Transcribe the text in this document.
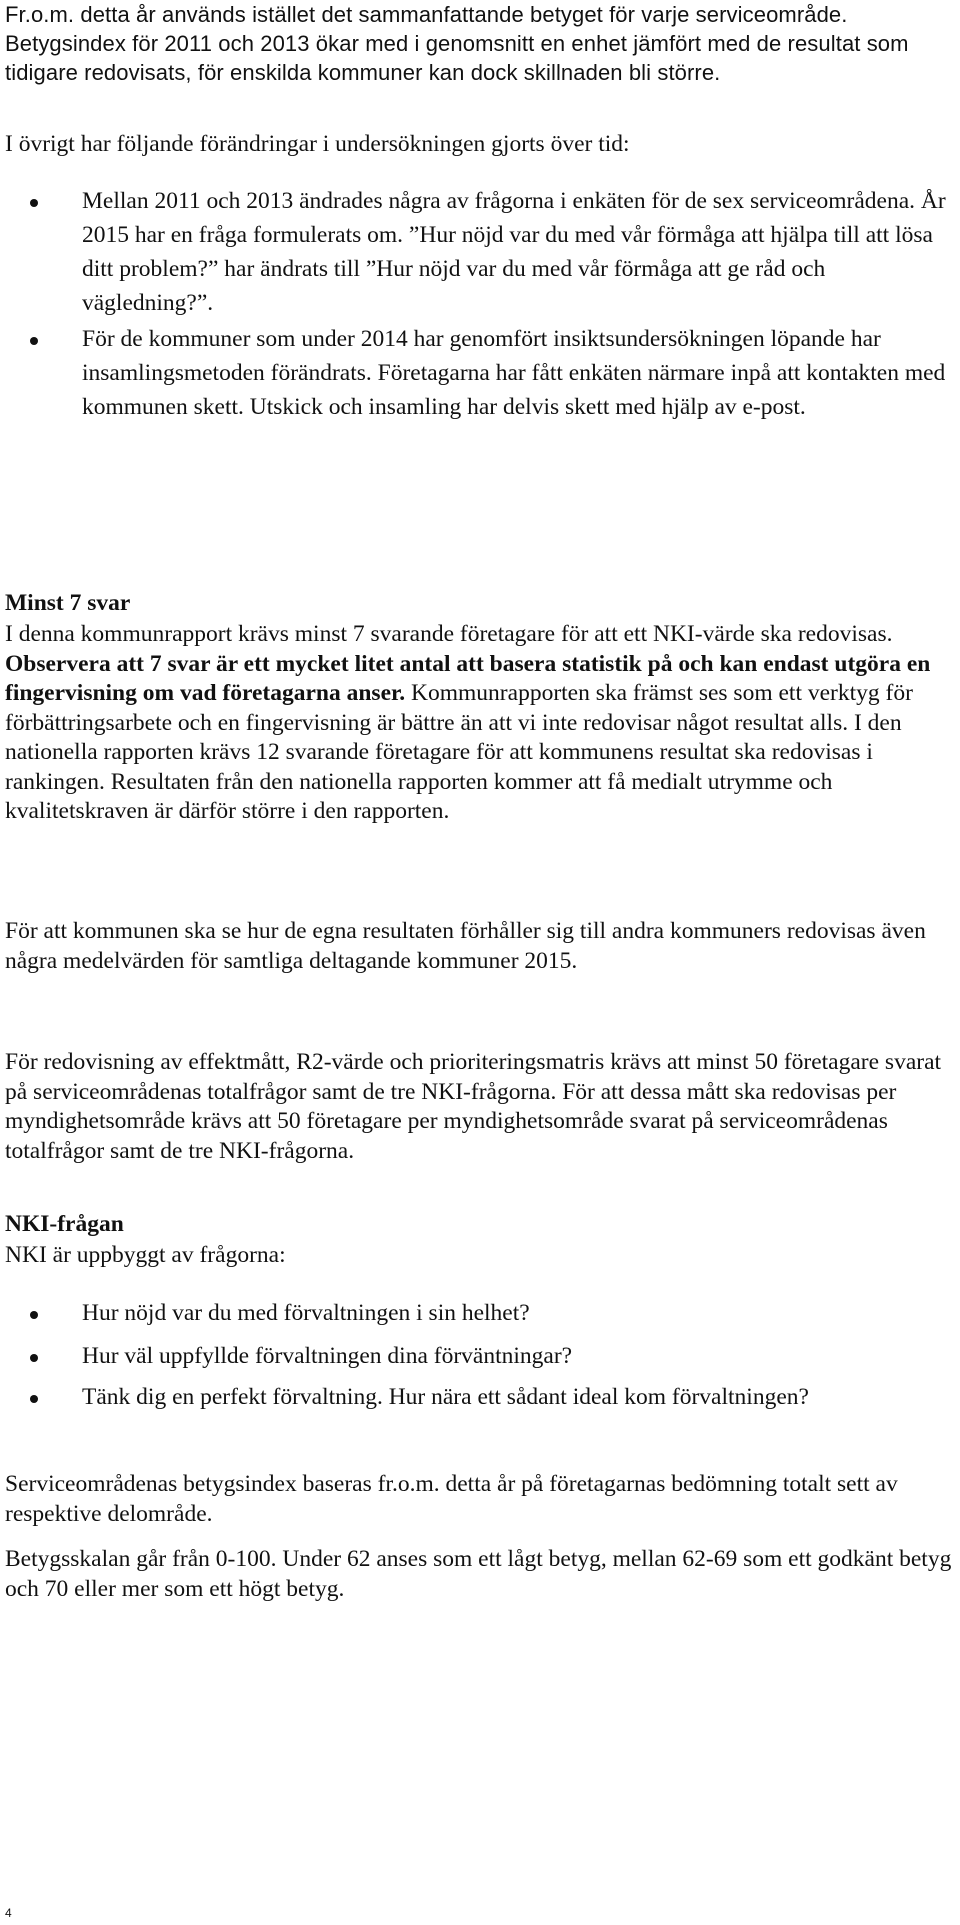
Fr.o.m. detta år används istället det sammanfattande betyget för varje serviceområde. Betygsindex för 2011 och 2013 ökar med i genomsnitt en enhet jämfört med de resultat som tidigare redovisats, för enskilda kommuner kan dock skillnaden bli större.

I övrigt har följande förändringar i undersökningen gjorts över tid:

Mellan 2011 och 2013 ändrades några av frågorna i enkäten för de sex serviceområdena. År 2015 har en fråga formulerats om. ”Hur nöjd var du med vår förmåga att hjälpa till att lösa ditt problem?” har ändrats till ”Hur nöjd var du med vår förmåga att ge råd och vägledning?”.
För de kommuner som under 2014 har genomfört insiktsundersökningen löpande har insamlingsmetoden förändrats. Företagarna har fått enkäten närmare inpå att kontakten med kommunen skett. Utskick och insamling har delvis skett med hjälp av e-post.

Minst 7 svar

I denna kommunrapport krävs minst 7 svarande företagare för att ett NKI-värde ska redovisas. Observera att 7 svar är ett mycket litet antal att basera statistik på och kan endast utgöra en fingervisning om vad företagarna anser. Kommunrapporten ska främst ses som ett verktyg för förbättringsarbete och en fingervisning är bättre än att vi inte redovisar något resultat alls. I den nationella rapporten krävs 12 svarande företagare för att kommunens resultat ska redovisas i rankingen. Resultaten från den nationella rapporten kommer att få medialt utrymme och kvalitetskraven är därför större i den rapporten.

För att kommunen ska se hur de egna resultaten förhåller sig till andra kommuners redovisas även några medelvärden för samtliga deltagande kommuner 2015.

För redovisning av effektmått, R2-värde och prioriteringsmatris krävs att minst 50 företagare svarat på serviceområdenas totalfrågor samt de tre NKI-frågorna. För att dessa mått ska redovisas per myndighetsområde krävs att 50 företagare per myndighetsområde svarat på serviceområdenas totalfrågor samt de tre NKI-frågorna.

NKI-frågan

NKI är uppbyggt av frågorna:

Hur nöjd var du med förvaltningen i sin helhet?
Hur väl uppfyllde förvaltningen dina förväntningar?
Tänk dig en perfekt förvaltning. Hur nära ett sådant ideal kom förvaltningen?

Serviceområdenas betygsindex baseras fr.o.m. detta år på företagarnas bedömning totalt sett av respektive delområde.

Betygsskalan går från 0-100. Under 62 anses som ett lågt betyg, mellan 62-69 som ett godkänt betyg och 70 eller mer som ett högt betyg.

4
